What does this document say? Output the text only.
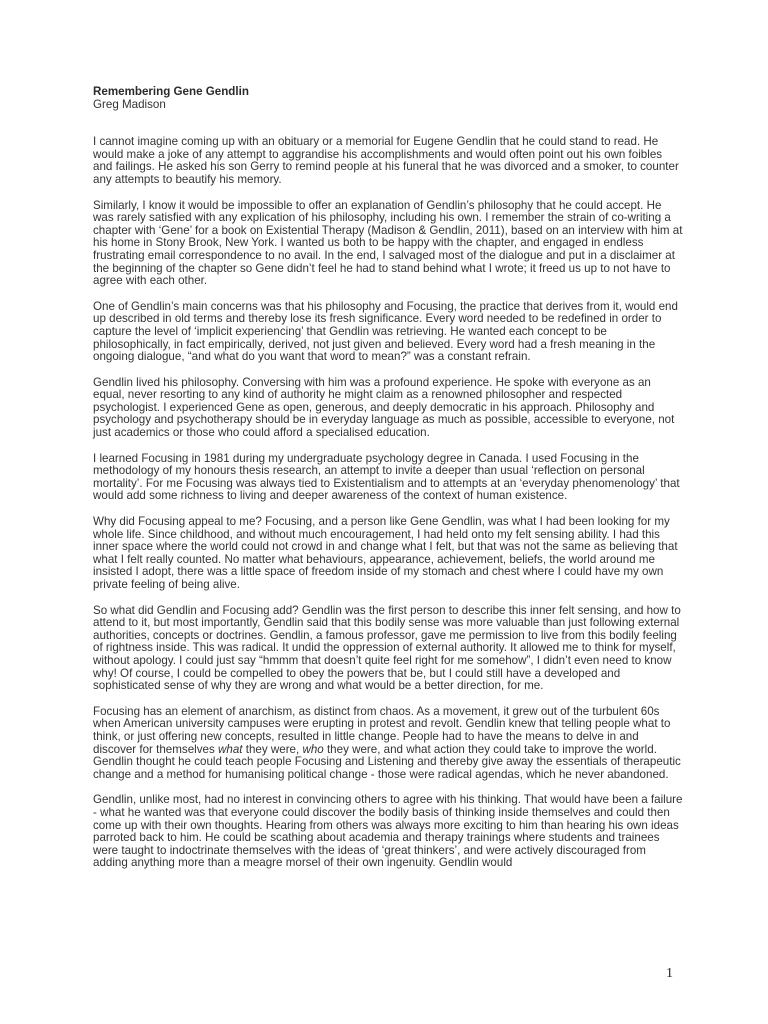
Remembering Gene Gendlin

Greg Madison

I cannot imagine coming up with an obituary or a memorial for Eugene Gendlin that he could stand to read. He would make a joke of any attempt to aggrandise his accomplishments and would often point out his own foibles and failings. He asked his son Gerry to remind people at his funeral that he was divorced and a smoker, to counter any attempts to beautify his memory.

Similarly, I know it would be impossible to offer an explanation of Gendlin’s philosophy that he could accept. He was rarely satisfied with any explication of his philosophy, including his own. I remember the strain of co-writing a chapter with ‘Gene’ for a book on Existential Therapy (Madison & Gendlin, 2011), based on an interview with him at his home in Stony Brook, New York. I wanted us both to be happy with the chapter, and engaged in endless frustrating email correspondence to no avail. In the end, I salvaged most of the dialogue and put in a disclaimer at the beginning of the chapter so Gene didn’t feel he had to stand behind what I wrote; it freed us up to not have to agree with each other.

One of Gendlin’s main concerns was that his philosophy and Focusing, the practice that derives from it, would end up described in old terms and thereby lose its fresh significance. Every word needed to be redefined in order to capture the level of ‘implicit experiencing’ that Gendlin was retrieving. He wanted each concept to be philosophically, in fact empirically, derived, not just given and believed. Every word had a fresh meaning in the ongoing dialogue, “and what do you want that word to mean?” was a constant refrain.

Gendlin lived his philosophy. Conversing with him was a profound experience. He spoke with everyone as an equal, never resorting to any kind of authority he might claim as a renowned philosopher and respected psychologist. I experienced Gene as open, generous, and deeply democratic in his approach. Philosophy and psychology and psychotherapy should be in everyday language as much as possible, accessible to everyone, not just academics or those who could afford a specialised education.

I learned Focusing in 1981 during my undergraduate psychology degree in Canada. I used Focusing in the methodology of my honours thesis research, an attempt to invite a deeper than usual ‘reflection on personal mortality’. For me Focusing was always tied to Existentialism and to attempts at an ‘everyday phenomenology’ that would add some richness to living and deeper awareness of the context of human existence.

Why did Focusing appeal to me? Focusing, and a person like Gene Gendlin, was what I had been looking for my whole life. Since childhood, and without much encouragement, I had held onto my felt sensing ability. I had this inner space where the world could not crowd in and change what I felt, but that was not the same as believing that what I felt really counted. No matter what behaviours, appearance, achievement, beliefs, the world around me insisted I adopt, there was a little space of freedom inside of my stomach and chest where I could have my own private feeling of being alive.

So what did Gendlin and Focusing add? Gendlin was the first person to describe this inner felt sensing, and how to attend to it, but most importantly, Gendlin said that this bodily sense was more valuable than just following external authorities, concepts or doctrines. Gendlin, a famous professor, gave me permission to live from this bodily feeling of rightness inside. This was radical. It undid the oppression of external authority. It allowed me to think for myself, without apology. I could just say “hmmm that doesn’t quite feel right for me somehow”, I didn’t even need to know why! Of course, I could be compelled to obey the powers that be, but I could still have a developed and sophisticated sense of why they are wrong and what would be a better direction, for me.

Focusing has an element of anarchism, as distinct from chaos. As a movement, it grew out of the turbulent 60s when American university campuses were erupting in protest and revolt. Gendlin knew that telling people what to think, or just offering new concepts, resulted in little change. People had to have the means to delve in and discover for themselves what they were, who they were, and what action they could take to improve the world. Gendlin thought he could teach people Focusing and Listening and thereby give away the essentials of therapeutic change and a method for humanising political change - those were radical agendas, which he never abandoned.

Gendlin, unlike most, had no interest in convincing others to agree with his thinking. That would have been a failure - what he wanted was that everyone could discover the bodily basis of thinking inside themselves and could then come up with their own thoughts. Hearing from others was always more exciting to him than hearing his own ideas parroted back to him. He could be scathing about academia and therapy trainings where students and trainees were taught to indoctrinate themselves with the ideas of ‘great thinkers’, and were actively discouraged from adding anything more than a meagre morsel of their own ingenuity. Gendlin would

1
